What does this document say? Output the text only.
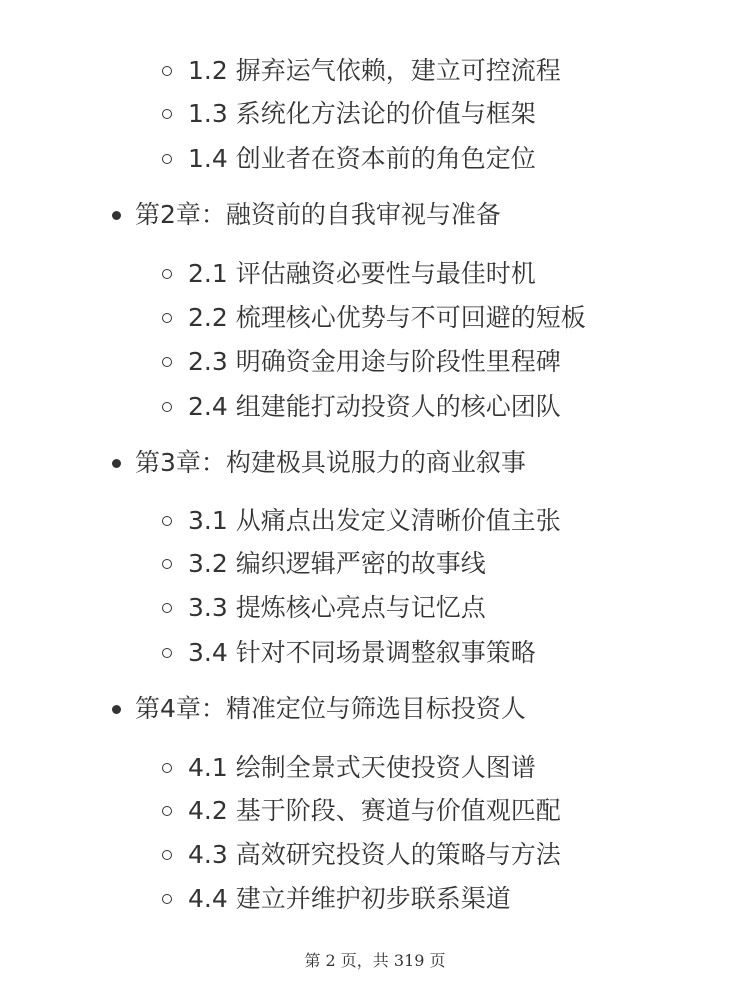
1.2 摒弃运气依赖，建立可控流程
1.3 系统化方法论的价值与框架
1.4 创业者在资本前的角色定位
第2章：融资前的自我审视与准备
2.1 评估融资必要性与最佳时机
2.2 梳理核心优势与不可回避的短板
2.3 明确资金用途与阶段性里程碑
2.4 组建能打动投资人的核心团队
第3章：构建极具说服力的商业叙事
3.1 从痛点出发定义清晰价值主张
3.2 编织逻辑严密的故事线
3.3 提炼核心亮点与记忆点
3.4 针对不同场景调整叙事策略
第4章：精准定位与筛选目标投资人
4.1 绘制全景式天使投资人图谱
4.2 基于阶段、赛道与价值观匹配
4.3 高效研究投资人的策略与方法
4.4 建立并维护初步联系渠道
第 2 页，共 319 页
